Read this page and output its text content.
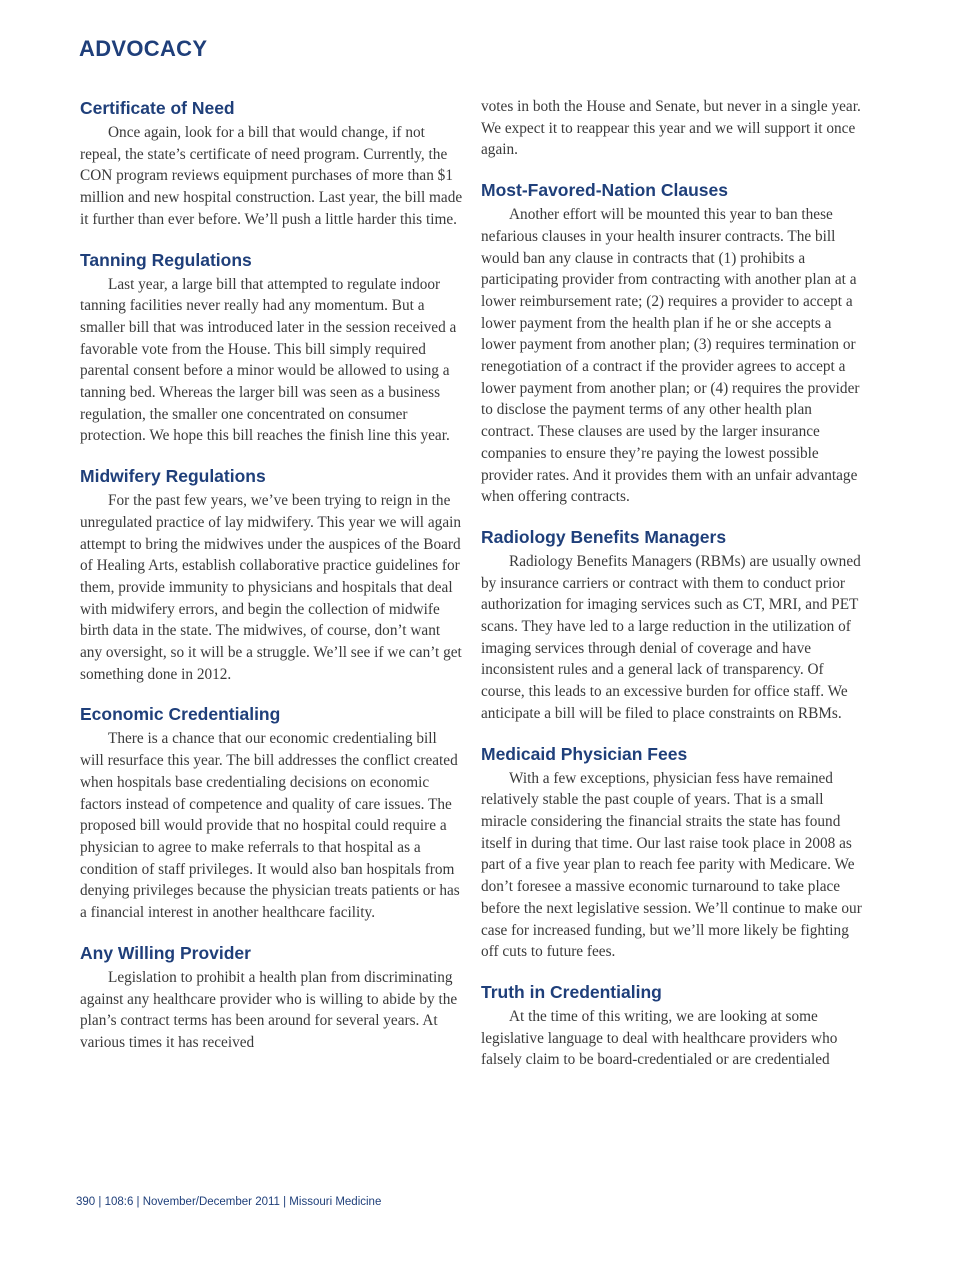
ADVOCACY
Certificate of Need

Once again, look for a bill that would change, if not repeal, the state’s certificate of need program. Currently, the CON program reviews equipment purchases of more than $1 million and new hospital construction. Last year, the bill made it further than ever before. We’ll push a little harder this time.

Tanning Regulations

Last year, a large bill that attempted to regulate indoor tanning facilities never really had any momentum. But a smaller bill that was introduced later in the session received a favorable vote from the House. This bill simply required parental consent before a minor would be allowed to using a tanning bed. Whereas the larger bill was seen as a business regulation, the smaller one concentrated on consumer protection. We hope this bill reaches the finish line this year.

Midwifery Regulations

For the past few years, we’ve been trying to reign in the unregulated practice of lay midwifery. This year we will again attempt to bring the midwives under the auspices of the Board of Healing Arts, establish collaborative practice guidelines for them, provide immunity to physicians and hospitals that deal with midwifery errors, and begin the collection of midwife birth data in the state. The midwives, of course, don’t want any oversight, so it will be a struggle. We’ll see if we can’t get something done in 2012.

Economic Credentialing

There is a chance that our economic credentialing bill will resurface this year. The bill addresses the conflict created when hospitals base credentialing decisions on economic factors instead of competence and quality of care issues. The proposed bill would provide that no hospital could require a physician to agree to make referrals to that hospital as a condition of staff privileges. It would also ban hospitals from denying privileges because the physician treats patients or has a financial interest in another healthcare facility.

Any Willing Provider

Legislation to prohibit a health plan from discriminating against any healthcare provider who is willing to abide by the plan’s contract terms has been around for several years. At various times it has received

votes in both the House and Senate, but never in a single year. We expect it to reappear this year and we will support it once again.

Most-Favored-Nation Clauses

Another effort will be mounted this year to ban these nefarious clauses in your health insurer contracts. The bill would ban any clause in contracts that (1) prohibits a participating provider from contracting with another plan at a lower reimbursement rate; (2) requires a provider to accept a lower payment from the health plan if he or she accepts a lower payment from another plan; (3) requires termination or renegotiation of a contract if the provider agrees to accept a lower payment from another plan; or (4) requires the provider to disclose the payment terms of any other health plan contract. These clauses are used by the larger insurance companies to ensure they’re paying the lowest possible provider rates. And it provides them with an unfair advantage when offering contracts.

Radiology Benefits Managers

Radiology Benefits Managers (RBMs) are usually owned by insurance carriers or contract with them to conduct prior authorization for imaging services such as CT, MRI, and PET scans. They have led to a large reduction in the utilization of imaging services through denial of coverage and have inconsistent rules and a general lack of transparency. Of course, this leads to an excessive burden for office staff. We anticipate a bill will be filed to place constraints on RBMs.

Medicaid Physician Fees

With a few exceptions, physician fess have remained relatively stable the past couple of years. That is a small miracle considering the financial straits the state has found itself in during that time. Our last raise took place in 2008 as part of a five year plan to reach fee parity with Medicare. We don’t foresee a massive economic turnaround to take place before the next legislative session. We’ll continue to make our case for increased funding, but we’ll more likely be fighting off cuts to future fees.

Truth in Credentialing

At the time of this writing, we are looking at some legislative language to deal with healthcare providers who falsely claim to be board-credentialed or are credentialed

390 | 108:6 | November/December 2011 | Missouri Medicine
